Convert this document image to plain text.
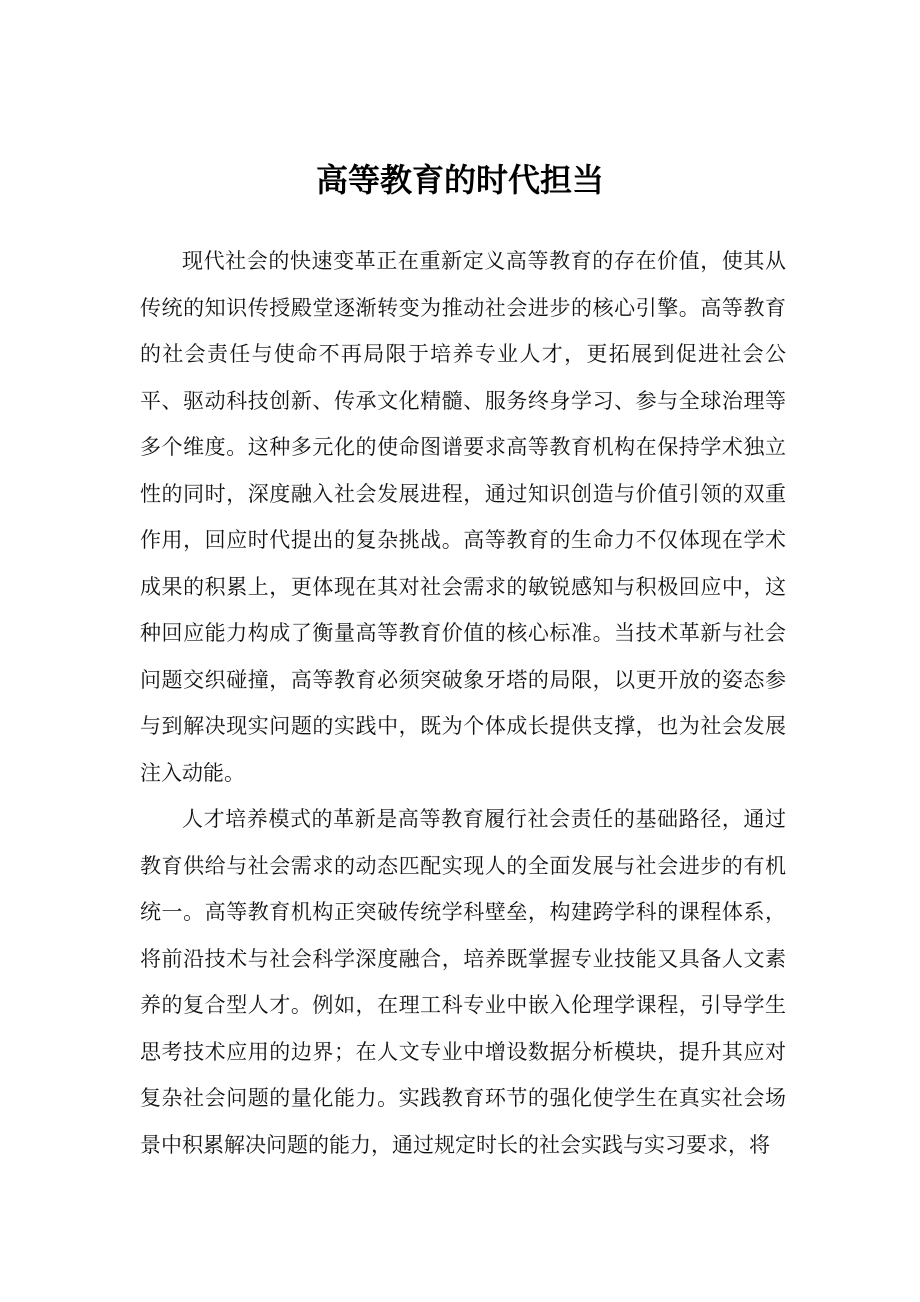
高等教育的时代担当

现代社会的快速变革正在重新定义高等教育的存在价值，使其从传统的知识传授殿堂逐渐转变为推动社会进步的核心引擎。高等教育的社会责任与使命不再局限于培养专业人才，更拓展到促进社会公平、驱动科技创新、传承文化精髓、服务终身学习、参与全球治理等多个维度。这种多元化的使命图谱要求高等教育机构在保持学术独立性的同时，深度融入社会发展进程，通过知识创造与价值引领的双重作用，回应时代提出的复杂挑战。高等教育的生命力不仅体现在学术成果的积累上，更体现在其对社会需求的敏锐感知与积极回应中，这种回应能力构成了衡量高等教育价值的核心标准。当技术革新与社会问题交织碰撞，高等教育必须突破象牙塔的局限，以更开放的姿态参与到解决现实问题的实践中，既为个体成长提供支撑，也为社会发展注入动能。

人才培养模式的革新是高等教育履行社会责任的基础路径，通过教育供给与社会需求的动态匹配实现人的全面发展与社会进步的有机统一。高等教育机构正突破传统学科壁垒，构建跨学科的课程体系，将前沿技术与社会科学深度融合，培养既掌握专业技能又具备人文素养的复合型人才。例如，在理工科专业中嵌入伦理学课程，引导学生思考技术应用的边界；在人文专业中增设数据分析模块，提升其应对复杂社会问题的量化能力。实践教育环节的强化使学生在真实社会场景中积累解决问题的能力，通过规定时长的社会实践与实习要求，将
